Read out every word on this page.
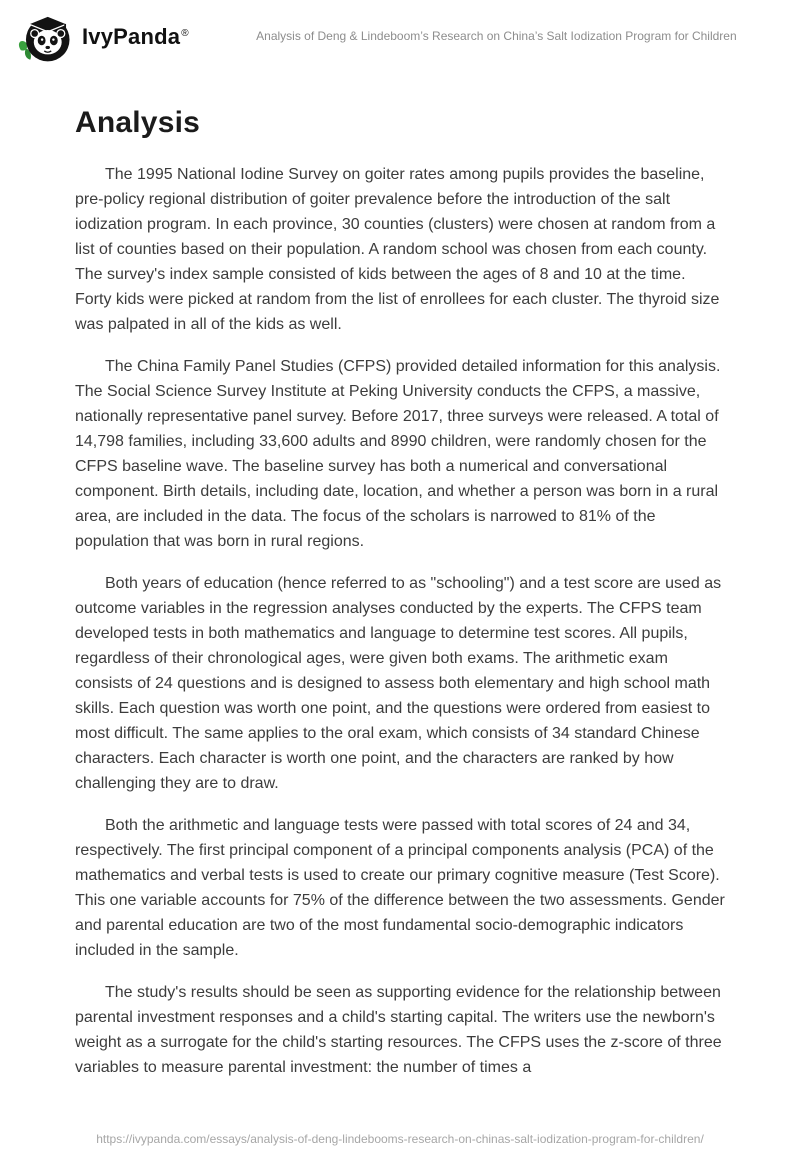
IvyPanda®	Analysis of Deng & Lindeboom’s Research on China’s Salt Iodization Program for Children
Analysis

The 1995 National Iodine Survey on goiter rates among pupils provides the baseline, pre-policy regional distribution of goiter prevalence before the introduction of the salt iodization program. In each province, 30 counties (clusters) were chosen at random from a list of counties based on their population. A random school was chosen from each county. The survey's index sample consisted of kids between the ages of 8 and 10 at the time. Forty kids were picked at random from the list of enrollees for each cluster. The thyroid size was palpated in all of the kids as well.

The China Family Panel Studies (CFPS) provided detailed information for this analysis. The Social Science Survey Institute at Peking University conducts the CFPS, a massive, nationally representative panel survey. Before 2017, three surveys were released. A total of 14,798 families, including 33,600 adults and 8990 children, were randomly chosen for the CFPS baseline wave. The baseline survey has both a numerical and conversational component. Birth details, including date, location, and whether a person was born in a rural area, are included in the data. The focus of the scholars is narrowed to 81% of the population that was born in rural regions.

Both years of education (hence referred to as "schooling") and a test score are used as outcome variables in the regression analyses conducted by the experts. The CFPS team developed tests in both mathematics and language to determine test scores. All pupils, regardless of their chronological ages, were given both exams. The arithmetic exam consists of 24 questions and is designed to assess both elementary and high school math skills. Each question was worth one point, and the questions were ordered from easiest to most difficult. The same applies to the oral exam, which consists of 34 standard Chinese characters. Each character is worth one point, and the characters are ranked by how challenging they are to draw.

Both the arithmetic and language tests were passed with total scores of 24 and 34, respectively. The first principal component of a principal components analysis (PCA) of the mathematics and verbal tests is used to create our primary cognitive measure (Test Score). This one variable accounts for 75% of the difference between the two assessments. Gender and parental education are two of the most fundamental socio-demographic indicators included in the sample.

The study's results should be seen as supporting evidence for the relationship between parental investment responses and a child's starting capital. The writers use the newborn's weight as a surrogate for the child's starting resources. The CFPS uses the z-score of three variables to measure parental investment: the number of times a

https://ivypanda.com/essays/analysis-of-deng-lindebooms-research-on-chinas-salt-iodization-program-for-children/
